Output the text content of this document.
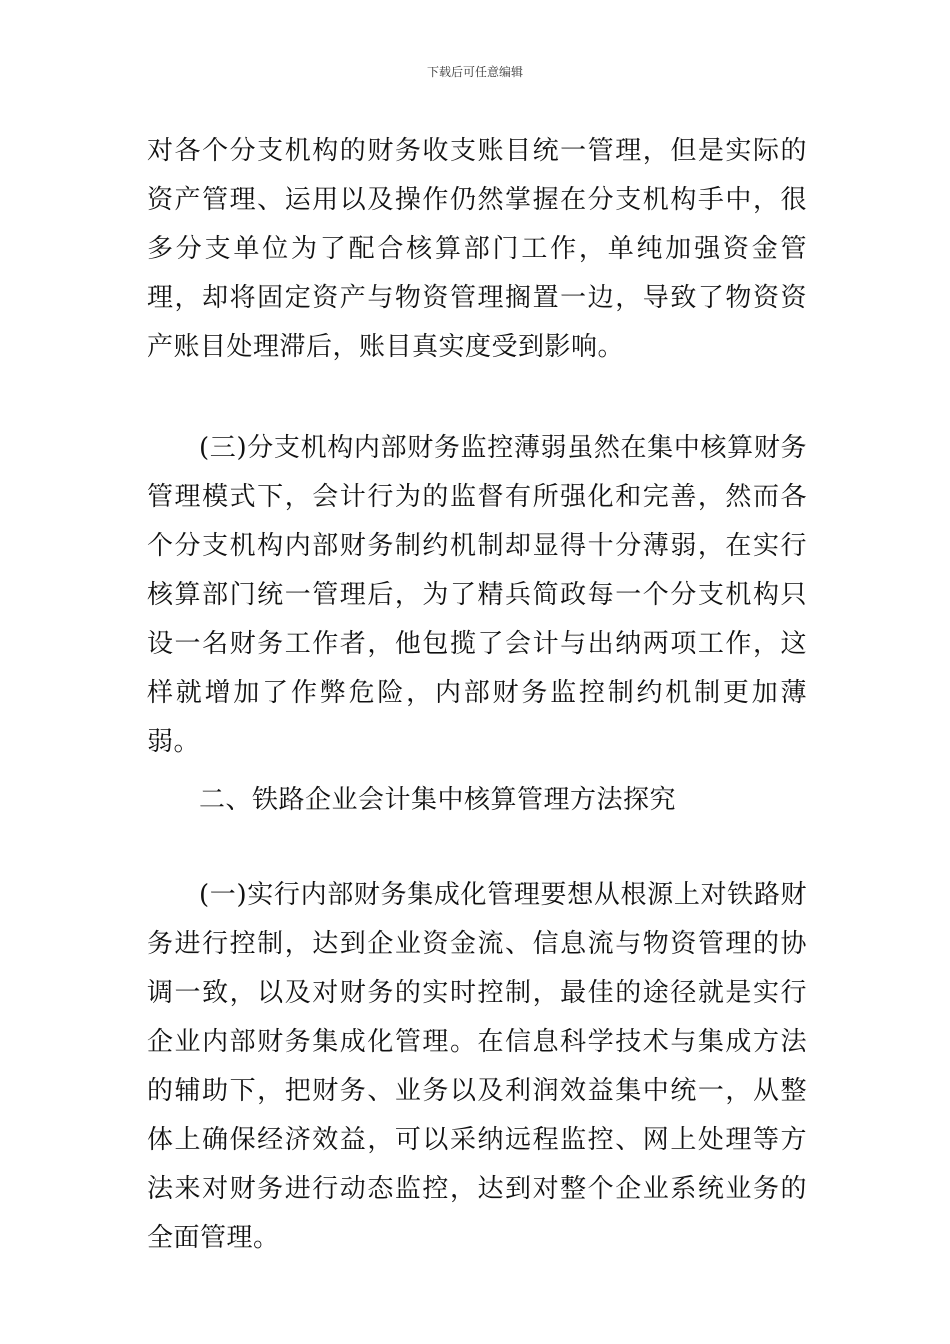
下载后可任意编辑

对各个分支机构的财务收支账目统一管理，但是实际的资产管理、运用以及操作仍然掌握在分支机构手中，很多分支单位为了配合核算部门工作，单纯加强资金管理，却将固定资产与物资管理搁置一边，导致了物资资产账目处理滞后，账目真实度受到影响。

(三)分支机构内部财务监控薄弱虽然在集中核算财务管理模式下，会计行为的监督有所强化和完善，然而各个分支机构内部财务制约机制却显得十分薄弱，在实行核算部门统一管理后，为了精兵简政每一个分支机构只设一名财务工作者，他包揽了会计与出纳两项工作，这样就增加了作弊危险，内部财务监控制约机制更加薄弱。

二、铁路企业会计集中核算管理方法探究

(一)实行内部财务集成化管理要想从根源上对铁路财务进行控制，达到企业资金流、信息流与物资管理的协调一致，以及对财务的实时控制，最佳的途径就是实行企业内部财务集成化管理。在信息科学技术与集成方法的辅助下，把财务、业务以及利润效益集中统一，从整体上确保经济效益，可以采纳远程监控、网上处理等方法来对财务进行动态监控，达到对整个企业系统业务的全面管理。
